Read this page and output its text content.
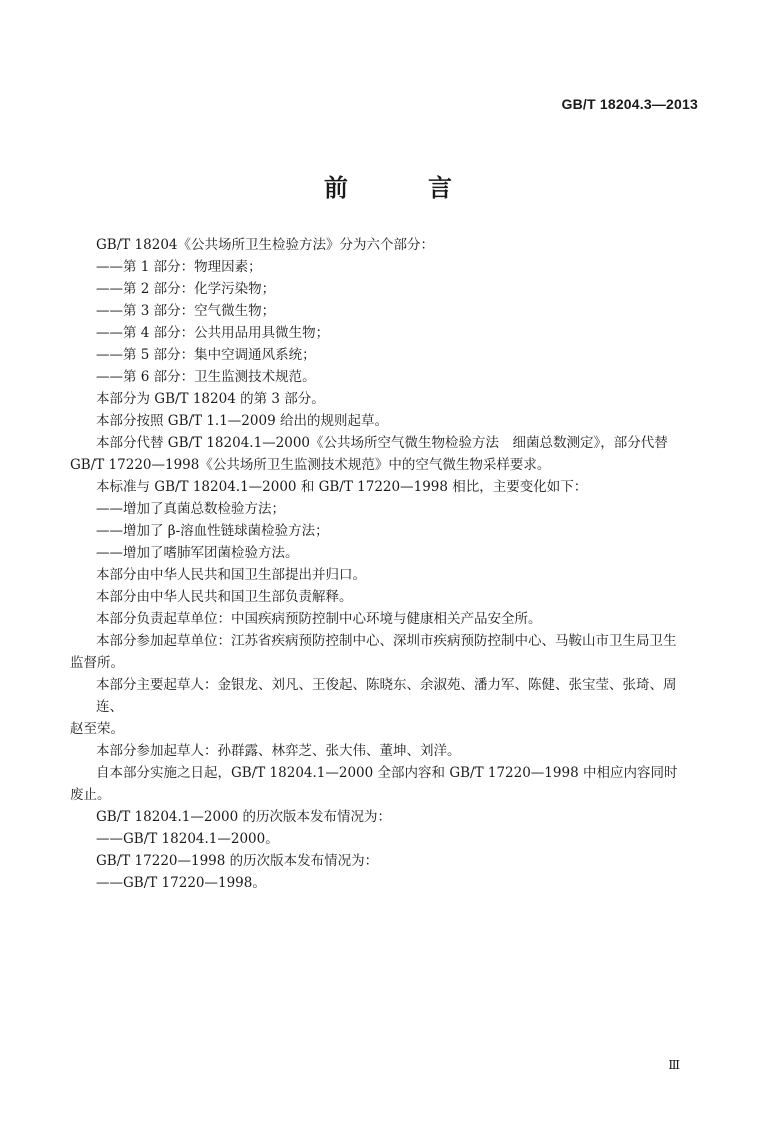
GB/T 18204.3—2013
前　言

GB/T 18204《公共场所卫生检验方法》分为六个部分：

——第 1 部分：物理因素；

——第 2 部分：化学污染物；

——第 3 部分：空气微生物；

——第 4 部分：公共用品用具微生物；

——第 5 部分：集中空调通风系统；

——第 6 部分：卫生监测技术规范。

本部分为 GB/T 18204 的第 3 部分。

本部分按照 GB/T 1.1—2009 给出的规则起草。

本部分代替 GB/T 18204.1—2000《公共场所空气微生物检验方法　细菌总数测定》，部分代替

GB/T 17220—1998《公共场所卫生监测技术规范》中的空气微生物采样要求。

本标准与 GB/T 18204.1—2000 和 GB/T 17220—1998 相比，主要变化如下：

——增加了真菌总数检验方法；

——增加了 β-溶血性链球菌检验方法；

——增加了嗜肺军团菌检验方法。

本部分由中华人民共和国卫生部提出并归口。

本部分由中华人民共和国卫生部负责解释。

本部分负责起草单位：中国疾病预防控制中心环境与健康相关产品安全所。

本部分参加起草单位：江苏省疾病预防控制中心、深圳市疾病预防控制中心、马鞍山市卫生局卫生

监督所。

本部分主要起草人：金银龙、刘凡、王俊起、陈晓东、余淑苑、潘力军、陈健、张宝莹、张琦、周连、

赵至荣。

本部分参加起草人：孙群露、林弈芝、张大伟、董坤、刘洋。

自本部分实施之日起，GB/T 18204.1—2000 全部内容和 GB/T 17220—1998 中相应内容同时

废止。

GB/T 18204.1—2000 的历次版本发布情况为：

——GB/T 18204.1—2000。

GB/T 17220—1998 的历次版本发布情况为：

——GB/T 17220—1998。

Ⅲ
